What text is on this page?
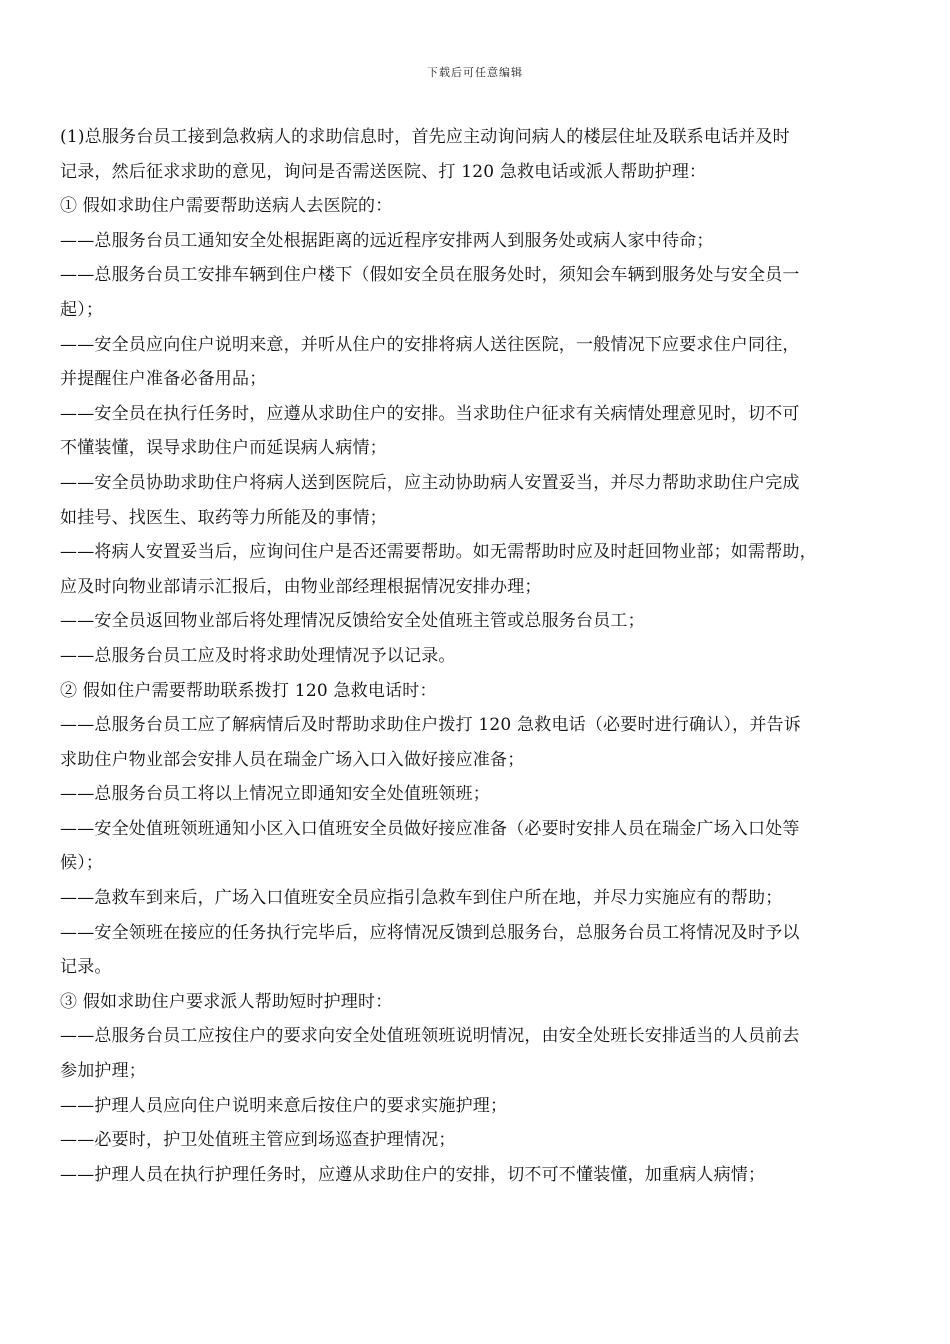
下载后可任意编辑
(1)总服务台员工接到急救病人的求助信息时，首先应主动询问病人的楼层住址及联系电话并及时
记录，然后征求求助的意见，询问是否需送医院、打 120 急救电话或派人帮助护理：
① 假如求助住户需要帮助送病人去医院的：
——总服务台员工通知安全处根据距离的远近程序安排两人到服务处或病人家中待命；
——总服务台员工安排车辆到住户楼下（假如安全员在服务处时，须知会车辆到服务处与安全员一
起）；
——安全员应向住户说明来意，并听从住户的安排将病人送往医院，一般情况下应要求住户同往，
并提醒住户准备必备用品；
——安全员在执行任务时，应遵从求助住户的安排。当求助住户征求有关病情处理意见时，切不可
不懂装懂，误导求助住户而延误病人病情；
——安全员协助求助住户将病人送到医院后，应主动协助病人安置妥当，并尽力帮助求助住户完成
如挂号、找医生、取药等力所能及的事情；
——将病人安置妥当后，应询问住户是否还需要帮助。如无需帮助时应及时赶回物业部；如需帮助，
应及时向物业部请示汇报后，由物业部经理根据情况安排办理；
——安全员返回物业部后将处理情况反馈给安全处值班主管或总服务台员工；
——总服务台员工应及时将求助处理情况予以记录。
② 假如住户需要帮助联系拨打 120 急救电话时：
——总服务台员工应了解病情后及时帮助求助住户拨打 120 急救电话（必要时进行确认），并告诉
求助住户物业部会安排人员在瑞金广场入口入做好接应准备；
——总服务台员工将以上情况立即通知安全处值班领班；
——安全处值班领班通知小区入口值班安全员做好接应准备（必要时安排人员在瑞金广场入口处等
候）；
——急救车到来后，广场入口值班安全员应指引急救车到住户所在地，并尽力实施应有的帮助；
——安全领班在接应的任务执行完毕后，应将情况反馈到总服务台，总服务台员工将情况及时予以
记录。
③ 假如求助住户要求派人帮助短时护理时：
——总服务台员工应按住户的要求向安全处值班领班说明情况，由安全处班长安排适当的人员前去
参加护理；
——护理人员应向住户说明来意后按住户的要求实施护理；
——必要时，护卫处值班主管应到场巡查护理情况；
——护理人员在执行护理任务时，应遵从求助住户的安排，切不可不懂装懂，加重病人病情；
